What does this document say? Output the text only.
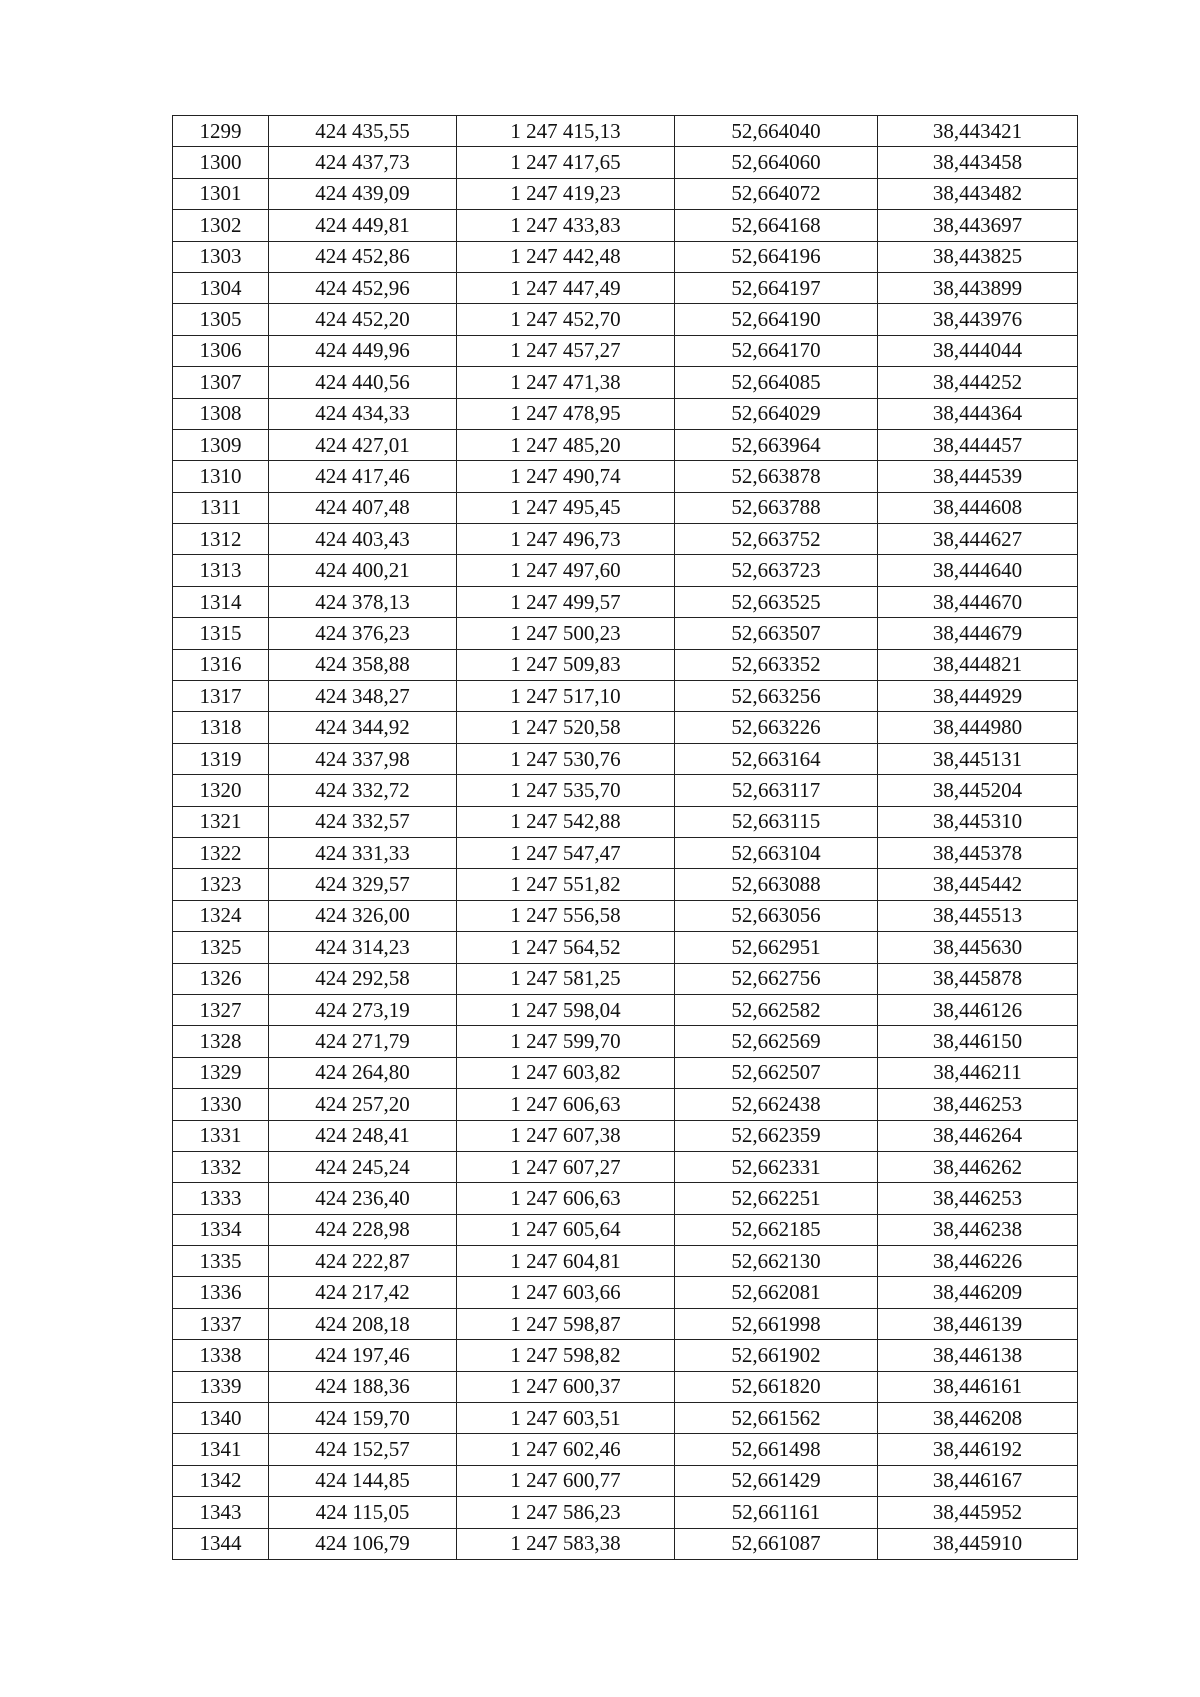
1299	424 435,55	1 247 415,13	52,664040	38,443421
1300	424 437,73	1 247 417,65	52,664060	38,443458
1301	424 439,09	1 247 419,23	52,664072	38,443482
1302	424 449,81	1 247 433,83	52,664168	38,443697
1303	424 452,86	1 247 442,48	52,664196	38,443825
1304	424 452,96	1 247 447,49	52,664197	38,443899
1305	424 452,20	1 247 452,70	52,664190	38,443976
1306	424 449,96	1 247 457,27	52,664170	38,444044
1307	424 440,56	1 247 471,38	52,664085	38,444252
1308	424 434,33	1 247 478,95	52,664029	38,444364
1309	424 427,01	1 247 485,20	52,663964	38,444457
1310	424 417,46	1 247 490,74	52,663878	38,444539
1311	424 407,48	1 247 495,45	52,663788	38,444608
1312	424 403,43	1 247 496,73	52,663752	38,444627
1313	424 400,21	1 247 497,60	52,663723	38,444640
1314	424 378,13	1 247 499,57	52,663525	38,444670
1315	424 376,23	1 247 500,23	52,663507	38,444679
1316	424 358,88	1 247 509,83	52,663352	38,444821
1317	424 348,27	1 247 517,10	52,663256	38,444929
1318	424 344,92	1 247 520,58	52,663226	38,444980
1319	424 337,98	1 247 530,76	52,663164	38,445131
1320	424 332,72	1 247 535,70	52,663117	38,445204
1321	424 332,57	1 247 542,88	52,663115	38,445310
1322	424 331,33	1 247 547,47	52,663104	38,445378
1323	424 329,57	1 247 551,82	52,663088	38,445442
1324	424 326,00	1 247 556,58	52,663056	38,445513
1325	424 314,23	1 247 564,52	52,662951	38,445630
1326	424 292,58	1 247 581,25	52,662756	38,445878
1327	424 273,19	1 247 598,04	52,662582	38,446126
1328	424 271,79	1 247 599,70	52,662569	38,446150
1329	424 264,80	1 247 603,82	52,662507	38,446211
1330	424 257,20	1 247 606,63	52,662438	38,446253
1331	424 248,41	1 247 607,38	52,662359	38,446264
1332	424 245,24	1 247 607,27	52,662331	38,446262
1333	424 236,40	1 247 606,63	52,662251	38,446253
1334	424 228,98	1 247 605,64	52,662185	38,446238
1335	424 222,87	1 247 604,81	52,662130	38,446226
1336	424 217,42	1 247 603,66	52,662081	38,446209
1337	424 208,18	1 247 598,87	52,661998	38,446139
1338	424 197,46	1 247 598,82	52,661902	38,446138
1339	424 188,36	1 247 600,37	52,661820	38,446161
1340	424 159,70	1 247 603,51	52,661562	38,446208
1341	424 152,57	1 247 602,46	52,661498	38,446192
1342	424 144,85	1 247 600,77	52,661429	38,446167
1343	424 115,05	1 247 586,23	52,661161	38,445952
1344	424 106,79	1 247 583,38	52,661087	38,445910
